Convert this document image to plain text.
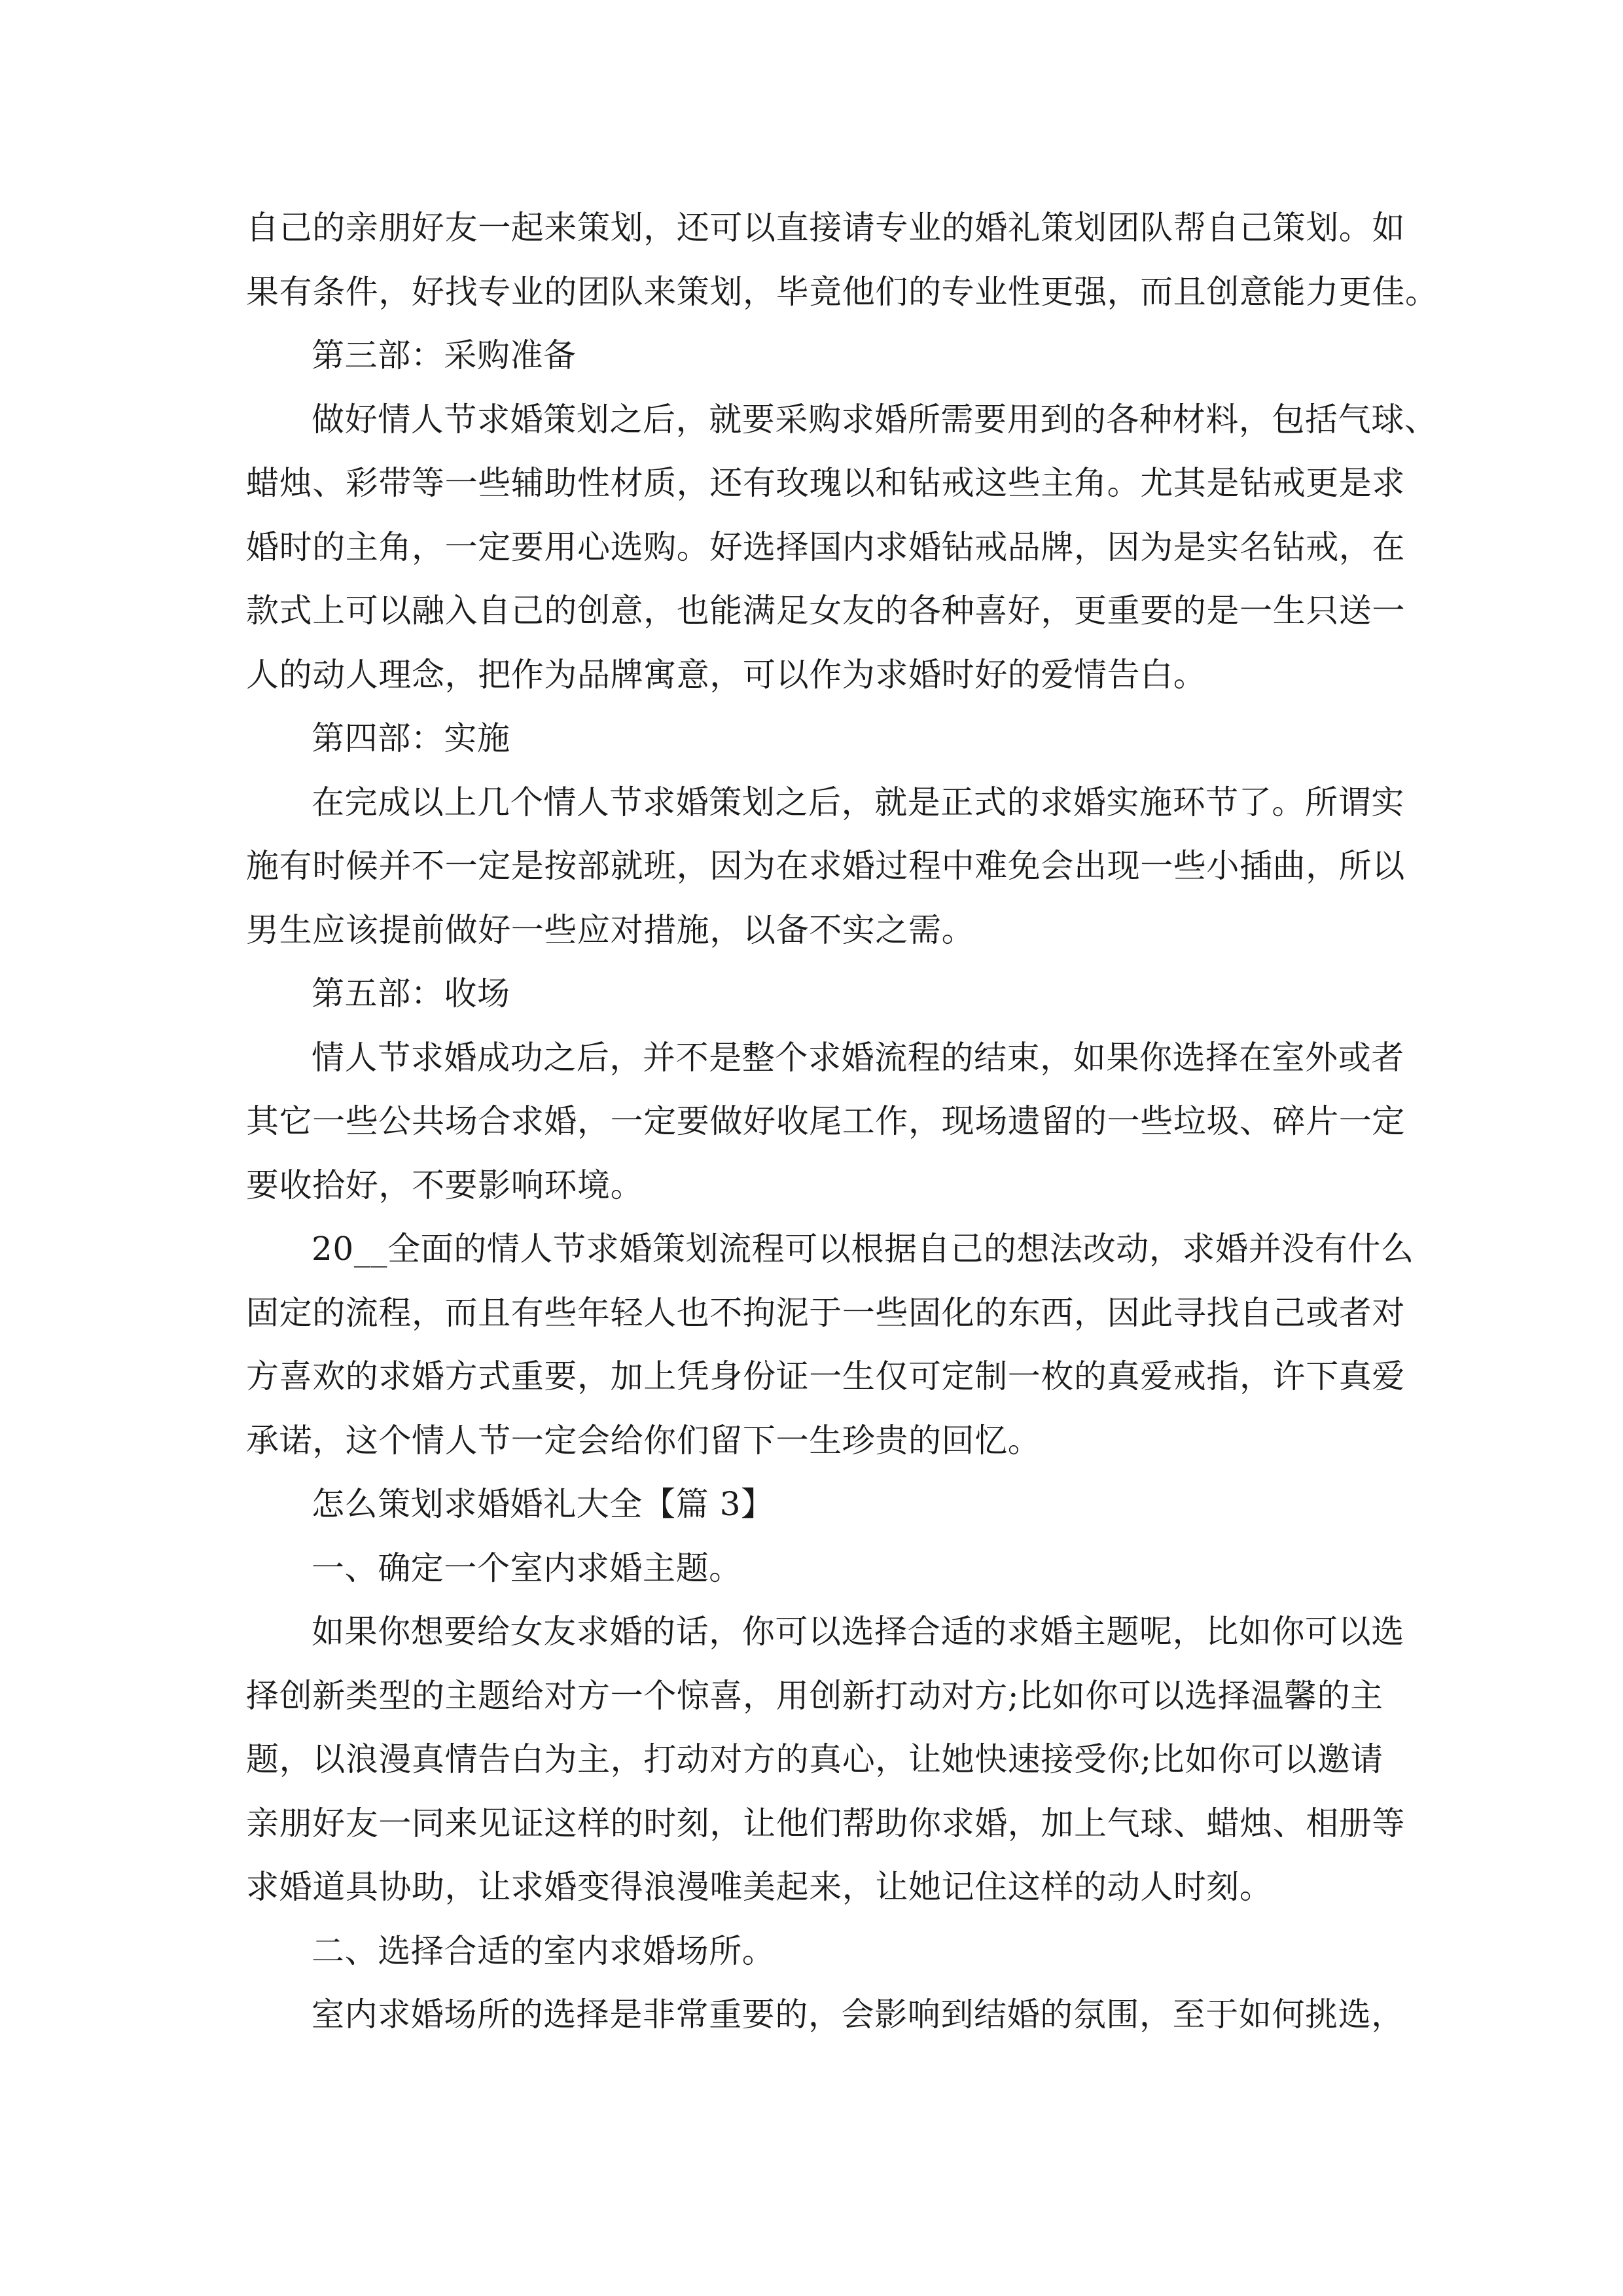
自己的亲朋好友一起来策划，还可以直接请专业的婚礼策划团队帮自己策划。如
果有条件，好找专业的团队来策划，毕竟他们的专业性更强，而且创意能力更佳。
第三部：采购准备
做好情人节求婚策划之后，就要采购求婚所需要用到的各种材料，包括气球、
蜡烛、彩带等一些辅助性材质，还有玫瑰以和钻戒这些主角。尤其是钻戒更是求
婚时的主角，一定要用心选购。好选择国内求婚钻戒品牌，因为是实名钻戒，在
款式上可以融入自己的创意，也能满足女友的各种喜好，更重要的是一生只送一
人的动人理念，把作为品牌寓意，可以作为求婚时好的爱情告白。
第四部：实施
在完成以上几个情人节求婚策划之后，就是正式的求婚实施环节了。所谓实
施有时候并不一定是按部就班，因为在求婚过程中难免会出现一些小插曲，所以
男生应该提前做好一些应对措施，以备不实之需。
第五部：收场
情人节求婚成功之后，并不是整个求婚流程的结束，如果你选择在室外或者
其它一些公共场合求婚，一定要做好收尾工作，现场遗留的一些垃圾、碎片一定
要收拾好，不要影响环境。
20__全面的情人节求婚策划流程可以根据自己的想法改动，求婚并没有什么
固定的流程，而且有些年轻人也不拘泥于一些固化的东西，因此寻找自己或者对
方喜欢的求婚方式重要，加上凭身份证一生仅可定制一枚的真爱戒指，许下真爱
承诺，这个情人节一定会给你们留下一生珍贵的回忆。
怎么策划求婚婚礼大全【篇 3】
一、确定一个室内求婚主题。
如果你想要给女友求婚的话，你可以选择合适的求婚主题呢，比如你可以选
择创新类型的主题给对方一个惊喜，用创新打动对方;比如你可以选择温馨的主
题，以浪漫真情告白为主，打动对方的真心，让她快速接受你;比如你可以邀请
亲朋好友一同来见证这样的时刻，让他们帮助你求婚，加上气球、蜡烛、相册等
求婚道具协助，让求婚变得浪漫唯美起来，让她记住这样的动人时刻。
二、选择合适的室内求婚场所。
室内求婚场所的选择是非常重要的，会影响到结婚的氛围，至于如何挑选，
